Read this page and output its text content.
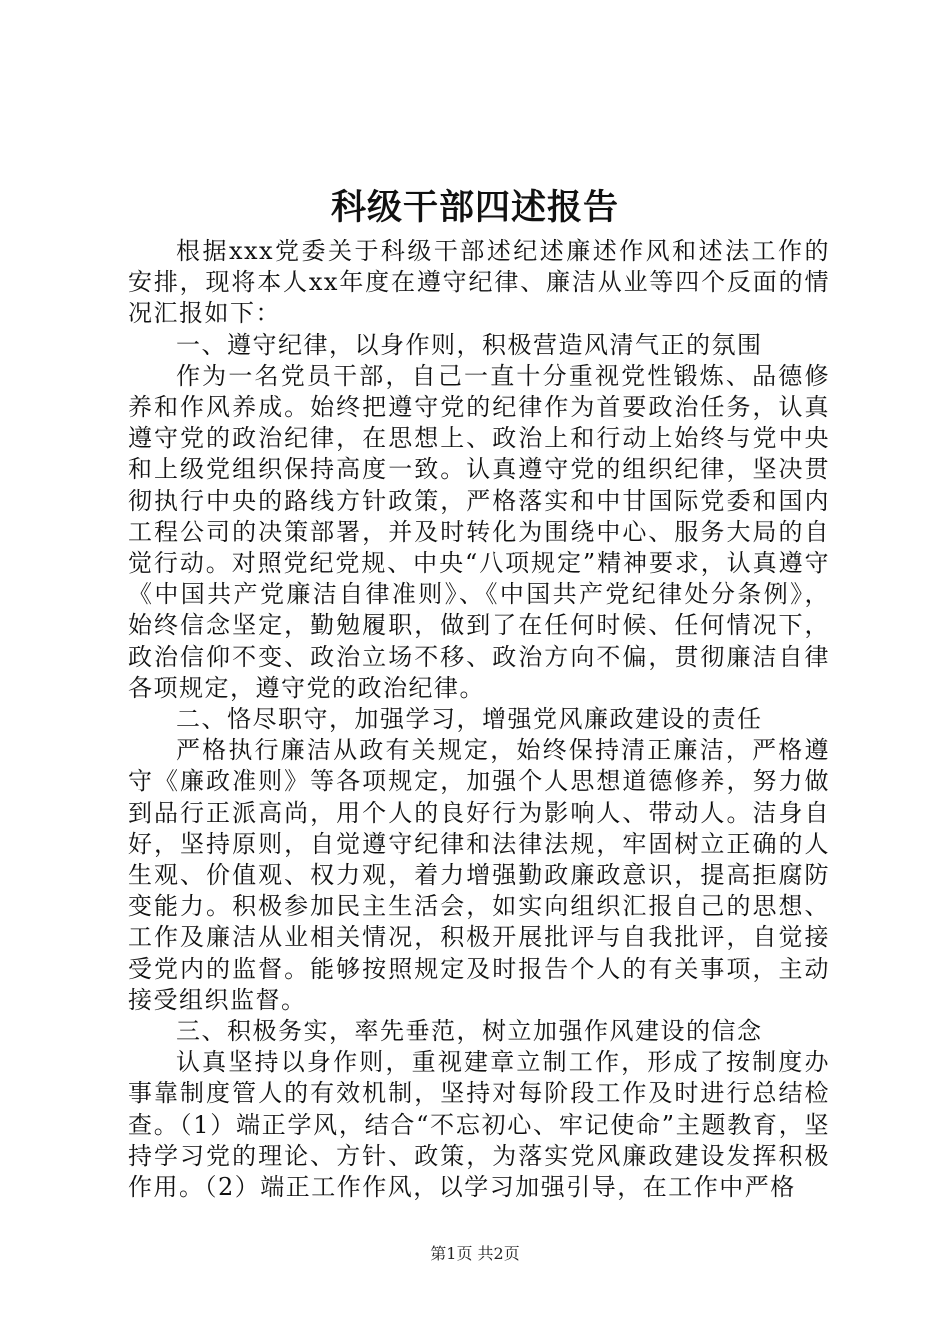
科级干部四述报告

根据xxx党委关于科级干部述纪述廉述作风和述法工作的安排，现将本人xx年度在遵守纪律、廉洁从业等四个反面的情况汇报如下：

一、遵守纪律，以身作则，积极营造风清气正的氛围

作为一名党员干部，自己一直十分重视党性锻炼、品德修养和作风养成。始终把遵守党的纪律作为首要政治任务，认真遵守党的政治纪律，在思想上、政治上和行动上始终与党中央和上级党组织保持高度一致。认真遵守党的组织纪律，坚决贯彻执行中央的路线方针政策，严格落实和中甘国际党委和国内工程公司的决策部署，并及时转化为围绕中心、服务大局的自觉行动。对照党纪党规、中央“八项规定”精神要求，认真遵守《中国共产党廉洁自律准则》、《中国共产党纪律处分条例》，始终信念坚定，勤勉履职，做到了在任何时候、任何情况下，政治信仰不变、政治立场不移、政治方向不偏，贯彻廉洁自律各项规定，遵守党的政治纪律。

二、恪尽职守，加强学习，增强党风廉政建设的责任

严格执行廉洁从政有关规定，始终保持清正廉洁，严格遵守《廉政准则》等各项规定，加强个人思想道德修养，努力做到品行正派高尚，用个人的良好行为影响人、带动人。洁身自好，坚持原则，自觉遵守纪律和法律法规，牢固树立正确的人生观、价值观、权力观，着力增强勤政廉政意识，提高拒腐防变能力。积极参加民主生活会，如实向组织汇报自己的思想、工作及廉洁从业相关情况，积极开展批评与自我批评，自觉接受党内的监督。能够按照规定及时报告个人的有关事项，主动接受组织监督。

三、积极务实，率先垂范，树立加强作风建设的信念

认真坚持以身作则，重视建章立制工作，形成了按制度办事靠制度管人的有效机制，坚持对每阶段工作及时进行总结检查。（1）端正学风，结合“不忘初心、牢记使命”主题教育，坚持学习党的理论、方针、政策，为落实党风廉政建设发挥积极作用。（2）端正工作作风，以学习加强引导，在工作中严格

第1页 共2页
